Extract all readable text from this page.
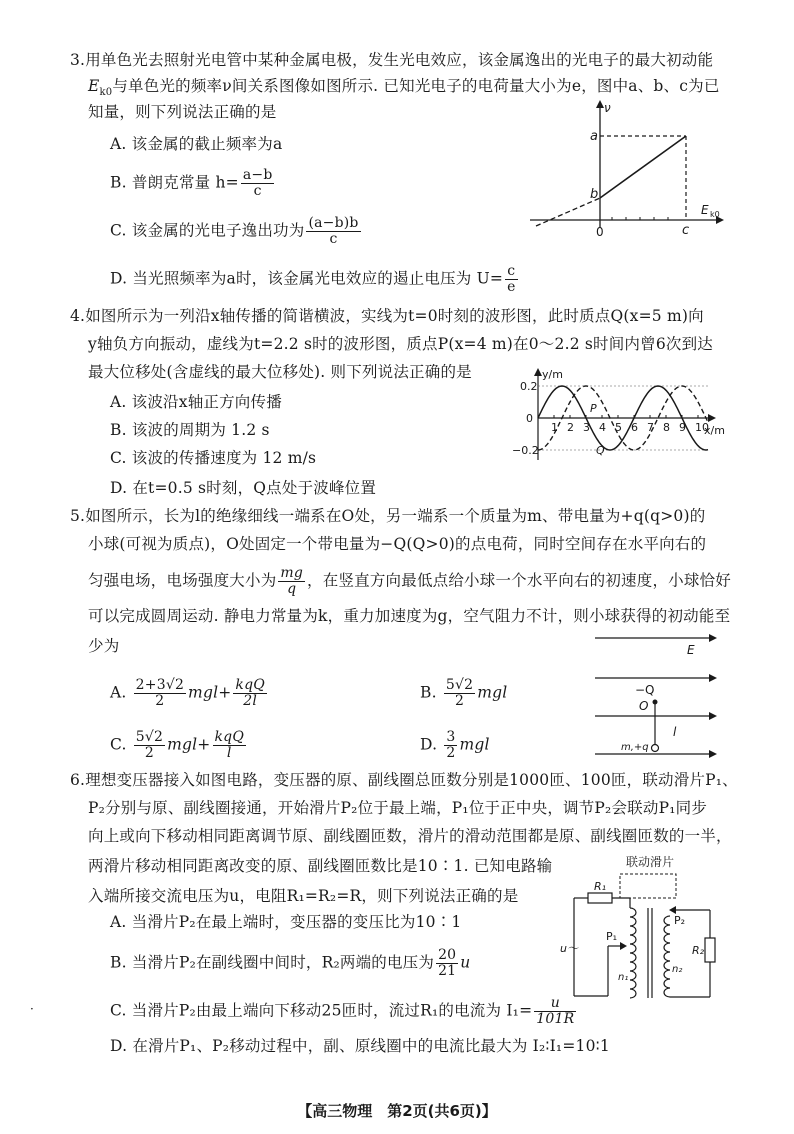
3.用单色光去照射光电管中某种金属电极，发生光电效应，该金属逸出的光电子的最大初动能
$E_{k0}$与单色光的频率ν间关系图像如图所示. 已知光电子的电荷量大小为e，图中a、b、c为已
知量，则下列说法正确的是
A. 该金属的截止频率为a
B. 普朗克常量 $h= \frac{a-b}{c}$
C. 该金属的光电子逸出功为 $\frac{(a-b)b}{c}$
D. 当光照频率为a时，该金属光电效应的遏止电压为 $U= \frac{c}{e}$
ν
E k0
a
b
c
0
4.如图所示为一列沿x轴传播的简谐横波，实线为t=0时刻的波形图，此时质点Q(x=5 m)向
y轴负方向振动，虚线为t=2.2 s时的波形图，质点P(x=4 m)在0～2.2 s时间内曾6次到达
最大位移处(含虚线的最大位移处). 则下列说法正确的是
A. 该波沿x轴正方向传播
B. 该波的周期为 1.2 s
C. 该波的传播速度为 12 m/s
D. 在t=0.5 s时刻，Q点处于波峰位置
0.2
0
−0.2
y/m
x/m
1 2 3 4 5 6 7 8 9 10
P
Q
5.如图所示，长为l的绝缘细线一端系在O处，另一端系一个质量为m、带电量为+q(q>0)的
小球(可视为质点)，O处固定一个带电量为−Q(Q>0)的点电荷，同时空间存在水平向右的
匀强电场，电场强度大小为 $\frac{mg}{q}$ ，在竖直方向最低点给小球一个水平向右的初速度，小球恰好
可以完成圆周运动. 静电力常量为k，重力加速度为g，空气阻力不计，则小球获得的初动能至
少为
A. $\frac{2+3√2}{2} mgl+ \frac{\text{kqQ}}{2l}$	B. $\frac{5√2}{2}$ mgl
C. $\frac{5√2}{2} mgl+ \frac{\text{kqQ}}{l}$	D. $\frac{3}{2}$ mgl
E
−Q
O
l
m,+q
6.理想变压器接入如图电路，变压器的原、副线圈总匝数分别是1000匝、100匝，联动滑片P₁、
·
P₂分别与原、副线圈接通，开始滑片P₂位于最上端，P₁位于正中央，调节P₂会联动P₁同步
向上或向下移动相同距离调节原、副线圈匝数，滑片的滑动范围都是原、副线圈匝数的一半，
两滑片移动相同距离改变的原、副线圈匝数比是10∶1. 已知电路输
入端所接交流电压为u，电阻R₁=R₂=R，则下列说法正确的是
A. 当滑片P₂在最上端时，变压器的变压比为10∶1
B. 当滑片P₂在副线圈中间时，R₂两端的电压为 $\frac{20}{21}$ u
C. 当滑片P₂由最上端向下移动25匝时，流过R₁的电流为 $I_1= \frac{u}{101R}$
D. 在滑片P₁、P₂移动过程中，副、原线圈中的电流比最大为 I₂∶I₁=10∶1
联动滑片
R₁
R₂
P₁
P₂
n₁
n₂
u～
【高三物理　第2页(共6页)】
